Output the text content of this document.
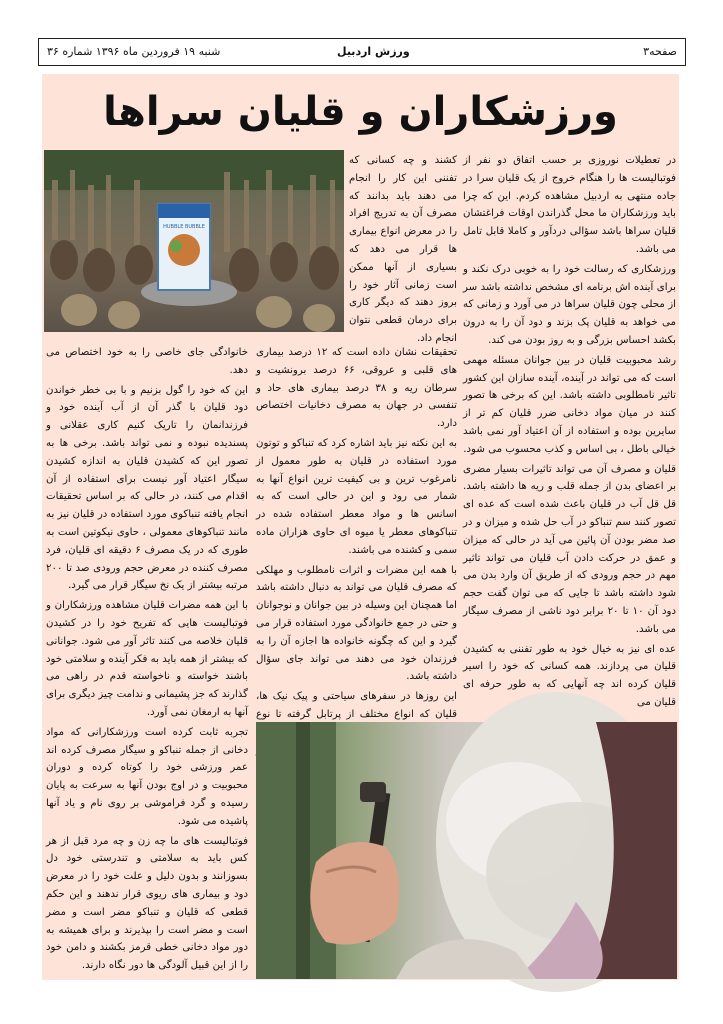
صفحه۳
ورزش اردبیل
شنبه ۱۹ فروردین ماه ۱۳۹۶ شماره ۳۶
ورزشکاران و قلیان سراها

در تعطیلات نوروزی بر حسب اتفاق دو نفر از فوتبالیست ها را هنگام خروج از یک قلیان سرا در جاده منتهی به اردبیل مشاهده کردم. این که چرا باید ورزشکاران ما محل گذراندن اوقات فراغتشان قلیان سراها باشد سؤالی دردآور و کاملا قابل تامل می باشد.

ورزشکاری که رسالت خود را به خوبی درک نکند و برای آینده اش برنامه ای مشخص نداشته باشد سر از محلی چون قلیان سراها در می آورد و زمانی که می خواهد به قلیان پک بزند و دود آن را به درون بکشد احساس بزرگی و به روز بودن می کند.

رشد محبوبیت قلیان در بین جوانان مسئله مهمی است که می تواند در آینده، آینده سازان این کشور تاثیر نامطلوبی داشته باشد. این که برخی ها تصور کنند در میان مواد دخانی ضرر قلیان کم تر از سایرین بوده و استفاده از آن اعتیاد آور نمی باشد خیالی باطل ، بی اساس و کذب محسوب می شود.

قلیان و مصرف آن می تواند تاثیرات بسیار مضری بر اعضای بدن از جمله قلب و ریه ها داشته باشد. قل قل آب در قلیان باعث شده است که عده ای تصور کنند سم تنباکو در آب حل شده و میزان و در صد مضر بودن آن پائین می آید در حالی که میزان و عمق در حرکت دادن آب قلیان می تواند تاثیر مهم در حجم ورودی که از طریق آن وارد بدن می شود داشته باشد تا جایی که می توان گفت حجم دود آن ۱۰ تا ۲۰ برابر دود ناشی از مصرف سیگار می باشد.

عده ای نیز به خیال خود به طور تفننی به کشیدن قلیان می پردازند. همه کسانی که خود را اسیر قلیان کرده اند چه آنهایی که به طور حرفه ای قلیان می

کشند و چه کسانی که تفننی این کار را انجام می دهند باید بدانند که مصرف آن به تدریج افراد را در معرض انواع بیماری ها قرار می دهد که بسیاری از آنها ممکن است زمانی آثار خود را بروز دهند که دیگر کاری برای درمان قطعی نتوان انجام داد.

تحقیقات نشان داده است که ۱۲ درصد بیماری های قلبی و عروقی، ۶۶ درصد برونشیت و سرطان ریه و ۳۸ درصد بیماری های حاد و تنفسی در جهان به مصرف دخانیات اختصاص دارد.

به این نکته نیز باید اشاره کرد که تنباکو و توتون مورد استفاده در قلیان به طور معمول از نامرغوب ترین و بی کیفیت ترین انواع آنها به شمار می رود و این در حالی است که به اسانس ها و مواد معطر استفاده شده در تنباکوهای معطر یا میوه ای حاوی هزاران ماده سمی و کشنده می باشند.

با همه این مضرات و اثرات نامطلوب و مهلکی که مصرف قلیان می تواند به دنبال داشته باشد اما همچنان این وسیله در بین جوانان و نوجوانان و حتی در جمع خانوادگی مورد استفاده قرار می گیرد و این که چگونه خانواده ها اجازه آن را به فرزندان خود می دهند می تواند جای سؤال داشته باشد.

این روزها در سفرهای سیاحتی و پیک نیک ها، قلیان که انواع مختلف از پرتابل گرفته تا نوع

خانوادگی جای خاصی را به خود اختصاص می دهد.

این که خود را گول بزنیم و با بی خطر خواندن دود قلیان با گذر آن از آب آینده خود و فرزندانمان را تاریک کنیم کاری عقلانی و پسندیده نبوده و نمی تواند باشد. برخی ها به تصور این که کشیدن قلیان به اندازه کشیدن سیگار اعتیاد آور نیست برای استفاده از آن اقدام می کنند، در حالی که بر اساس تحقیقات انجام یافته تنباکوی مورد استفاده در قلیان نیز به مانند تنباکوهای معمولی ، حاوی نیکوتین است به طوری که در یک مصرف ۶ دقیقه ای قلیان، فرد مصرف کننده در معرض حجم ورودی صد تا ۲۰۰ مرتبه بیشتر از یک نخ سیگار قرار می گیرد.

با این همه مضرات قلیان مشاهده ورزشکاران و فوتبالیست هایی که تفریح خود را در کشیدن قلیان خلاصه می کنند تاثر آور می شود. جوانانی که بیشتر از همه باید به فکر آینده و سلامتی خود باشند خواسته و ناخواسته قدم در راهی می گذارند که جز پشیمانی و ندامت چیز دیگری برای آنها به ارمغان نمی آورد.

تجربه ثابت کرده است ورزشکارانی که مواد دخانی از جمله تنباکو و سیگار مصرف کرده اند عمر ورزشی خود را کوتاه کرده و دوران محبوبیت و در اوج بودن آنها به سرعت به پایان رسیده و گرد فراموشی بر روی نام و یاد آنها پاشیده می شود.

فوتبالیست های ما چه زن و چه مرد قبل از هر کس باید به سلامتی و تندرستی خود دل بسوزانند و بدون دلیل و علت خود را در معرض دود و بیماری های ریوی قرار ندهند و این حکم قطعی که قلیان و تنباکو مضر است و مضر است و مضر است را بپذیرند و برای همیشه به دور مواد دخانی خطی قرمز بکشند و دامن خود را از این قبیل آلودگی ها دور نگاه دارند.

HUBBLE BUBBLE
